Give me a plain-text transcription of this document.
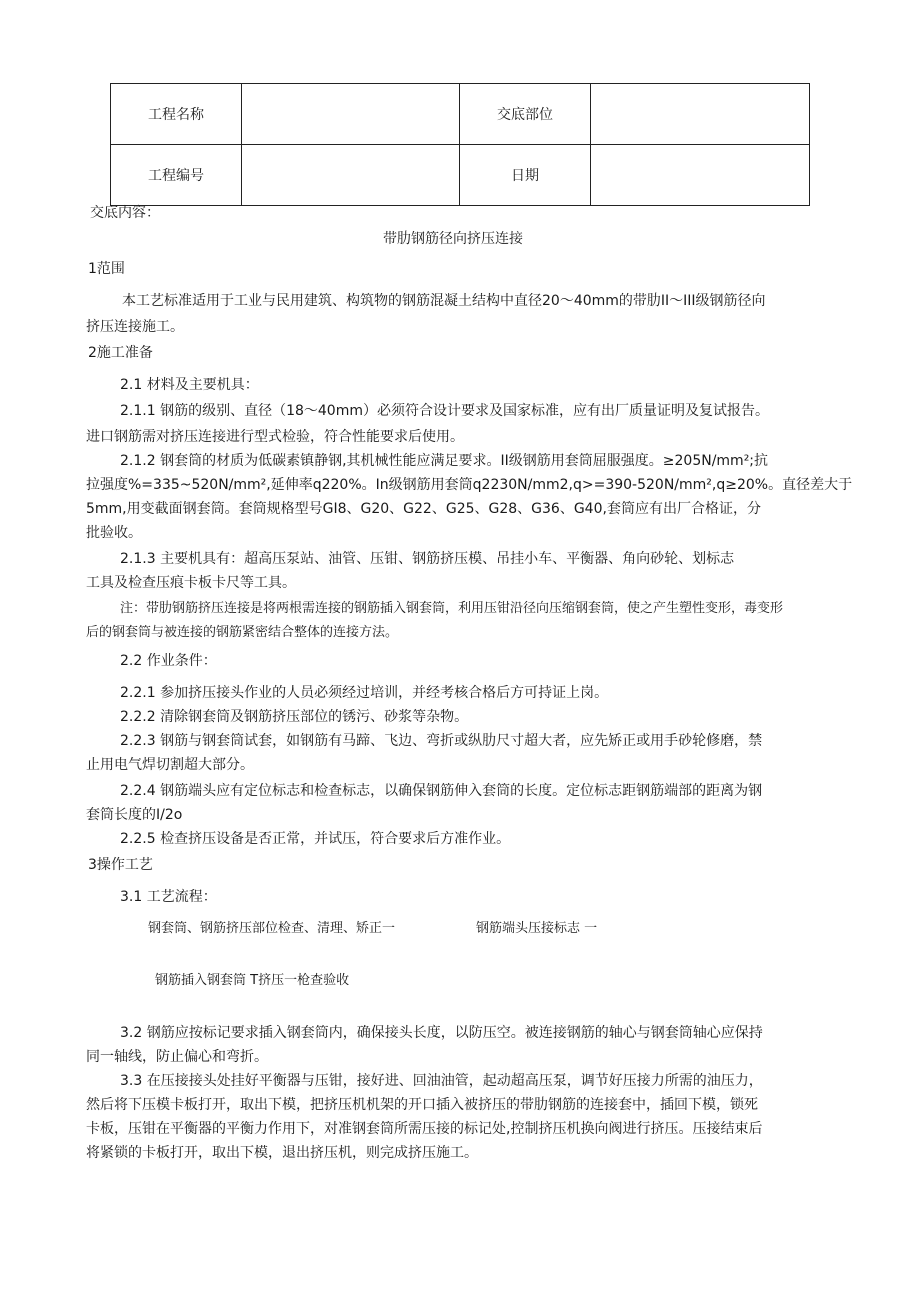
工程名称		交底部位	
工程编号		日期	
交底内容：
带肋钢筋径向挤压连接
1范围
本工艺标准适用于工业与民用建筑、构筑物的钢筋混凝土结构中直径20～40mm的带肋II～III级钢筋径向
挤压连接施工。
2施工准备
2.1 材料及主要机具：
2.1.1 钢筋的级别、直径（18～40mm）必须符合设计要求及国家标准，应有出厂质量证明及复试报告。
进口钢筋需对挤压连接进行型式检验，符合性能要求后使用。
2.1.2 钢套筒的材质为低碳素镇静钢,其机械性能应满足要求。II级钢筋用套筒屈服强度。≥205N/mm²;抗
拉强度%=335~520N/mm²,延伸率q220%。In级钢筋用套筒q2230N/mm2,q>=390-520N/mm²,q≥20%。直径差大于
5mm,用变截面钢套筒。套筒规格型号GI8、G20、G22、G25、G28、G36、G40,套筒应有出厂合格证，分
批验收。
2.1.3 主要机具有：超高压泵站、油管、压钳、钢筋挤压模、吊挂小车、平衡器、角向砂轮、划标志
工具及检查压痕卡板卡尺等工具。
注：带肋钢筋挤压连接是将两根需连接的钢筋插入钢套筒，利用压钳沿径向压缩钢套筒，使之产生塑性变形，毒变形
后的钢套筒与被连接的钢筋紧密结合整体的连接方法。
2.2 作业条件：
2.2.1 参加挤压接头作业的人员必须经过培训，并经考核合格后方可持证上岗。
2.2.2 清除钢套筒及钢筋挤压部位的锈污、砂浆等杂物。
2.2.3 钢筋与钢套筒试套，如钢筋有马蹄、飞边、弯折或纵肋尺寸超大者，应先矫正或用手砂轮修磨，禁
止用电气焊切割超大部分。
2.2.4 钢筋端头应有定位标志和检查标志，以确保钢筋伸入套筒的长度。定位标志距钢筋端部的距离为钢
套筒长度的I/2o
2.2.5 检查挤压设备是否正常，并试压，符合要求后方准作业。
3操作工艺
3.1 工艺流程：
钢套筒、钢筋挤压部位检查、清理、矫正一	钢筋端头压接标志 一
钢筋插入钢套筒 T挤压一枪查验收
3.2 钢筋应按标记要求插入钢套筒内，确保接头长度，以防压空。被连接钢筋的轴心与钢套筒轴心应保持
同一轴线，防止偏心和弯折。
3.3 在压接接头处挂好平衡器与压钳，接好进、回油油管，起动超高压泵，调节好压接力所需的油压力，
然后将下压模卡板打开，取出下模，把挤压机机架的开口插入被挤压的带肋钢筋的连接套中，插回下模，锁死
卡板，压钳在平衡器的平衡力作用下，对准钢套筒所需压接的标记处,控制挤压机换向阀进行挤压。压接结束后
将紧锁的卡板打开，取出下模，退出挤压机，则完成挤压施工。
